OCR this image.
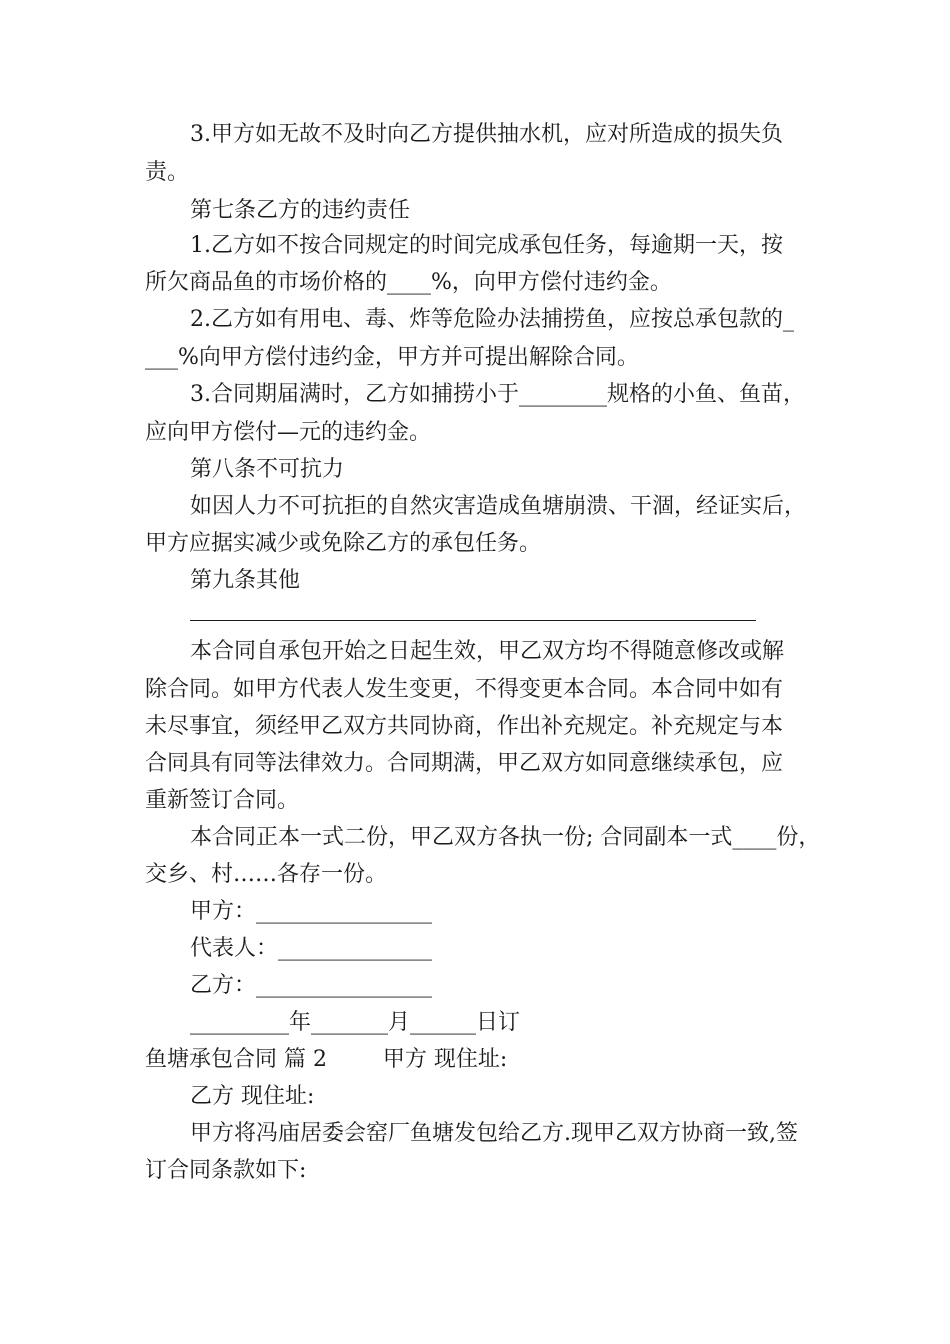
3.甲方如无故不及时向乙方提供抽水机，应对所造成的损失负
责。
第七条乙方的违约责任
1.乙方如不按合同规定的时间完成承包任务，每逾期一天，按
所欠商品鱼的市场价格的____%，向甲方偿付违约金。
2.乙方如有用电、毒、炸等危险办法捕捞鱼，应按总承包款的_
___%向甲方偿付违约金，甲方并可提出解除合同。
3.合同期届满时，乙方如捕捞小于________规格的小鱼、鱼苗，
应向甲方偿付—元的违约金。
第八条不可抗力
如因人力不可抗拒的自然灾害造成鱼塘崩溃、干涸，经证实后，
甲方应据实减少或免除乙方的承包任务。
第九条其他
本合同自承包开始之日起生效，甲乙双方均不得随意修改或解
除合同。如甲方代表人发生变更，不得变更本合同。本合同中如有
未尽事宜，须经甲乙双方共同协商，作出补充规定。补充规定与本
合同具有同等法律效力。合同期满，甲乙双方如同意继续承包，应
重新签订合同。
本合同正本一式二份，甲乙双方各执一份; 合同副本一式____份，
交乡、村……各存一份。
甲方：________________
代表人：______________
乙方：________________
_________年_______月______日订
鱼塘承包合同 篇 2        甲方 现住址:
乙方 现住址:
甲方将冯庙居委会窑厂鱼塘发包给乙方.现甲乙双方协商一致,签
订合同条款如下:
